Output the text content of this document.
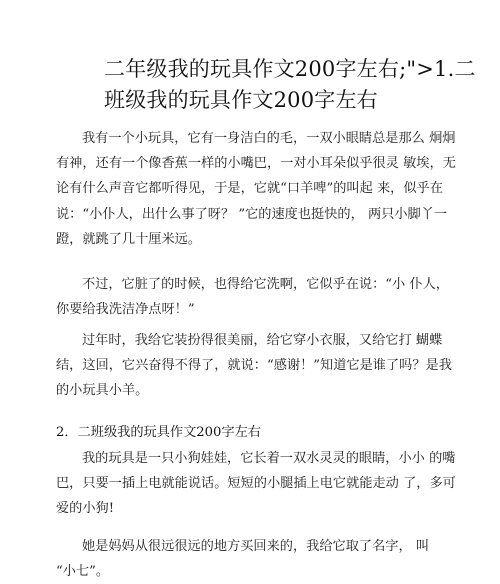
二年级我的玩具作文200字左右;">1.二
班级我的玩具作文200字左右
我有一个小玩具，它有一身洁白的毛，一双小眼睛总是那么 炯炯
有神，还有一个像香蕉一样的小嘴巴，一对小耳朵似乎很灵 敏埃，无
论有什么声音它都听得见，于是，它就“口羊啤”的叫起 来，似乎在
说：“小仆人，出什么事了呀？ ”它的速度也挺快的， 两只小脚丫一
蹬，就跳了几十厘米远。
不过，它脏了的时候，也得给它洗啊，它似乎在说：“小 仆人，
你要给我洗洁净点呀！”
过年时，我给它装扮得很美丽，给它穿小衣服，又给它打 蝴蝶
结，这回，它兴奋得不得了，就说：“感谢！”知道它是谁了吗？是我
的小玩具小羊。
2．二班级我的玩具作文200字左右
我的玩具是一只小狗娃娃，它长着一双水灵灵的眼睛，小小 的嘴
巴，只要一插上电就能说话。短短的小腿插上电它就能走动 了，多可
爱的小狗!
她是妈妈从很远很远的地方买回来的，我给它取了名字， 叫
“小七”。
